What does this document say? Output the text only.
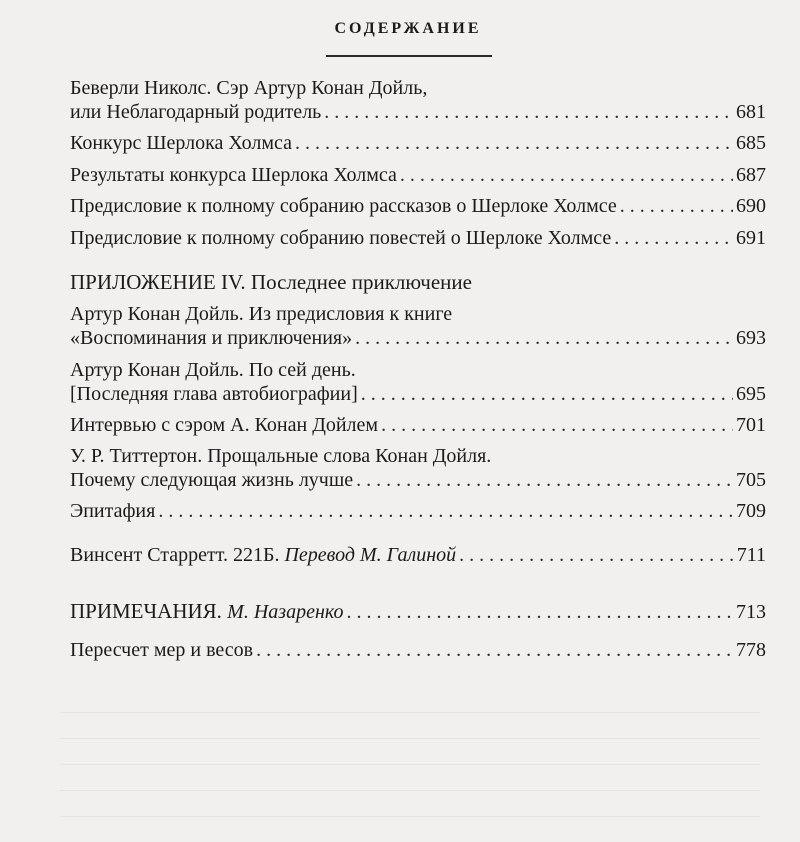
СОДЕРЖАНИЕ
Беверли Николс. Сэр Артур Конан Дойль,
или Неблагодарный родитель . . .	681
Конкурс Шерлока Холмса . . .	685
Результаты конкурса Шерлока Холмса . . .	687
Предисловие к полному собранию рассказов о Шерлоке Холмсе . . .	690
Предисловие к полному собранию повестей о Шерлоке Холмсе . . .	691
ПРИЛОЖЕНИЕ IV. Последнее приключение
Артур Конан Дойль. Из предисловия к книге
«Воспоминания и приключения» . . .	693
Артур Конан Дойль. По сей день.
[Последняя глава автобиографии] . . .	695
Интервью с сэром А. Конан Дойлем . . .	701
У. Р. Титтертон. Прощальные слова Конан Дойля.
Почему следующая жизнь лучше . . .	705
Эпитафия . . .	709
Винсент Старретт. 221Б. Перевод М. Галиной . . .	711
ПРИМЕЧАНИЯ. М. Назаренко . . .	713
Пересчет мер и весов . . .	778
